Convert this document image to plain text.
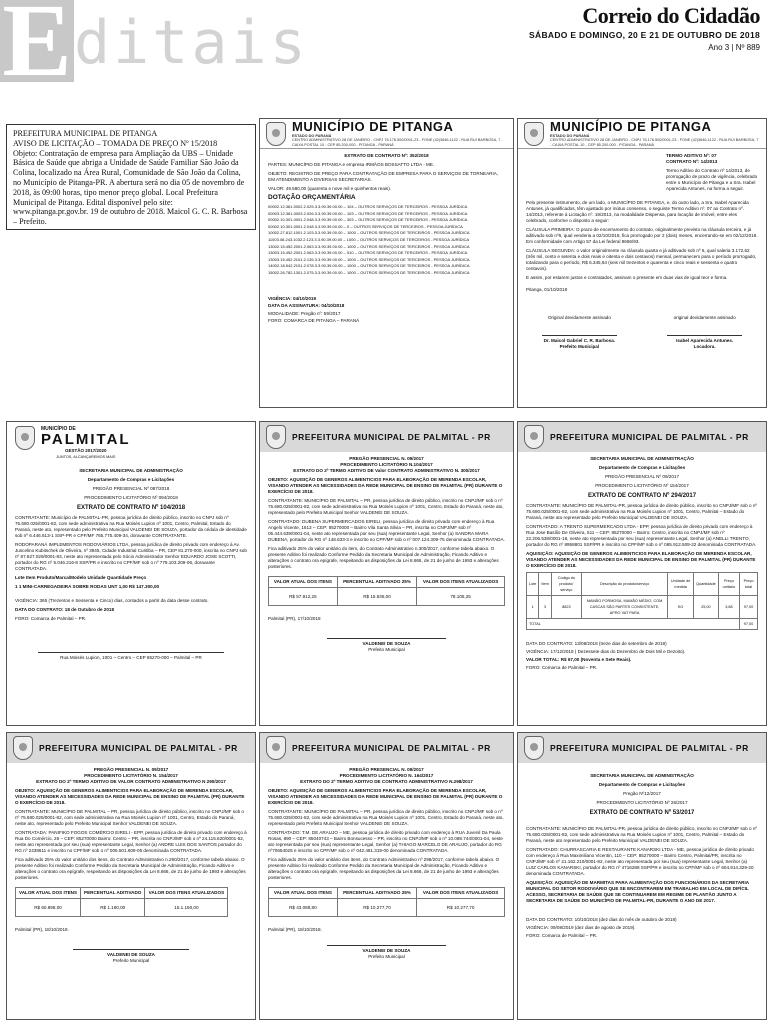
E ditais	Correio do Cidadão
SÁBADO E DOMINGO, 20 E 21 DE OUTUBRO DE 2018
Ano 3 | Nº 889
PREFEITURA MUNICIPAL DE PITANGA
AVISO DE LICITAÇÃO – TOMADA DE PREÇO Nº 15/2018
Objeto: Contratação de empresa para Ampliação da UBS – Unidade Básica de Saúde que abriga a Unidade de Saúde Familiar São João da Colina, localizado na Área Rural, Comunidade de São João da Colina, no Município de Pitanga-PR. A abertura será no dia 05 de novembro de 2018, às 09:00 horas, tipo menor preço global. Local Prefeitura Municipal de Pitanga. Edital disponível pelo site: www.pitanga.pr.gov.br. 19 de outubro de 2018. Maicol G. C. R. Barbosa – Prefeito.
MUNICÍPIO DE PITANGA
ESTADO DO PARANÁ
CENTRO ADMINISTRATIVO 28 DE JANEIRO - CNPJ 76.176.500/0001-23 - FONE (42)3646-1122 - RUA RUI BARBOSA, 7 - CAIXA POSTAL 10 - CEP 85.200-000 - PITANGA - PARANÁ

EXTRATO DE CONTRATO Nº: 352/2018

PARTES: MUNICÍPIO DE PITANGA e empresa IRMÃOS BOSSATTO LTDA - ME.

OBJETO: REGISTRO DE PREÇO PARA CONTRATAÇÃO DE EMPRESA PARA O SERVIÇOS DE TORNEARIA, EM ATENDIMENTO A DIVERSAS SECRETARIAS.

VALOR: 49.580,00 (quarenta e nove mil e quinhentos reais).

DOTAÇÃO ORÇAMENTÁRIA

00002.12.361.0002.2.025.3.3.90.39.00.00 – 104 – OUTROS SERVIÇOS DE TERCEIROS - PESSOA JURÍDICA
00003.12.361.0003.2.026.3.3.90.39.00.00 – 103 – OUTROS SERVIÇOS DE TERCEIROS - PESSOA JURÍDICA
00002.10.301.0001.2.048.3.3.90.39.00.00 – 303 – OUTROS SERVIÇOS DE TERCEIROS - PESSOA JURÍDICA
00002.10.301.0001.2.048.3.3.90.39.00.00 – 0 – OUTROS SERVIÇOS DE TERCEIROS - PESSOA JURÍDICA
10002.27.812.1001.2.103.3.3.90.39.00.00 – 1000 – OUTROS SERVIÇOS DE TERCEIROS - PESSOA JURÍDICA
11003.08.243.1032.2.123.3.3.90.39.00.00 – 1000 – OUTROS SERVIÇOS DE TERCEIROS - PESSOA JURÍDICA
13002.15.452.2001.2.063.3.3.90.39.00.00 – 1000 – OUTROS SERVIÇOS DE TERCEIROS - PESSOA JURÍDICA
13003.15.452.2001.2.063.3.3.90.39.00.00 – 510 – OUTROS SERVIÇOS DE TERCEIROS - PESSOA JURÍDICA
13003.15.452.2101.2.135.3.3.90.39.00.00 – 1000 – OUTROS SERVIÇOS DE TERCEIROS - PESSOA JURÍDICA
14002.18.542.2101.2.078.3.3.90.39.00.00 – 1000 – OUTROS SERVIÇOS DE TERCEIROS - PESSOA JURÍDICA
15002.26.782.1301.2.075.3.3.90.39.00.00 – 1000 – OUTROS SERVIÇOS DE TERCEIROS - PESSOA JURÍDICA
VIGÊNCIA: 04/10/2019
DATA DA ASSINATURA: 04/10/2018
MODALIDADE: Pregão nº: 59/2017
FORO: COMARCA DE PITANGA – PARANÁ
MUNICÍPIO DE PITANGA
ESTADO DO PARANÁ
CENTRO ADMINISTRATIVO 28 DE JANEIRO - CNPJ 76.176.500/0001-23 - FONE (42)3646-1122 - RUA RUI BARBOSA, 7 - CAIXA POSTAL 10 - CEP 85.200-000 - PITANGA - PARANÁ
TERMO ADITIVO Nº: 07

CONTRATO Nº: 14/2013

Termo Aditivo do Contrato nº 14/2013, de prorrogação de prazo de vigência, celebrado entre o Município de Pitanga e a Sra. Isabel Aparecida Antunes, na forma a seguir.

Pelo presente instrumento, de um lado, o MUNICÍPIO DE PITANGA, e, do outro lado, a Sra. Isabel Aparecida Antunes, já qualificados, têm ajustado por mútuo consenso, o seguinte Termo Aditivo nº. 07 ao Contrato nº. 14/2013, referente à Licitação nº. 19/2013, na modalidade Dispensa, para locação de imóvel, entre eles celebrado, conforme o disposto a seguir:

CLÁUSULA PRIMEIRA: O prazo de encerramento do contrato, originalmente previsto na cláusula terceira, e já aditivado sob nº6, qual venderia a 02/10/2018, fica prorrogado por 2 (dois) meses, encerrando-se em 02/12/2018. Em conformidade com Artigo 57 da Lei federal 8666/93.

CLÁUSULA SEGUNDA: o valor originalmente na cláusula quarta e já aditivado sob nº 6, qual valeria 3.172,62 (três mil, cento e setenta e dois reais e oitenta e dois centavos) mensal, permanecem para o período prorrogado, totalizando para o período, R$ 6.345,64 (seis mil trezentos e quarenta e cinco reais e sessenta e quatro centavos).

E assim, por estarem justos e contratados, assinam o presente em duas vias de igual teor e forma.

Pitanga, 01/10/2018

Original devidamente assinado
Dr. Maicol Gabriel C. R. Barbosa.
Prefeito Municipal
original devidamente assinado
Isabel Aparecida Antunes.
Locadora.
MUNICÍPIO DE
PALMITAL
GESTÃO 2017/2020
JUNTOS, ALCANÇAREMOS MAIS

SECRETARIA MUNICIPAL DE ADMINISTRAÇÃO

Departamento de Compras e Licitações

PREGÃO PRESENCIAL Nº 087/2018

PROCEDIMENTO LICITATÓRIO Nº 094/2018

EXTRATO DE CONTRATO Nº 104/2018

CONTRATANTE: Município de PALMITAL-PR, pessoa jurídica de direito público, inscrito no CNPJ sob nº 75.680.025/0001-82, com sede administrativa na Rua Moisés Lupion nº 1001, Centro, Palmital, Estado do Paraná, neste ato, representado pelo Prefeito Municipal VALDENEI DE SOUZA, portador da cédula de identidade sob nº 6.446.613-1 SSP-PR e CPF/MF 765.775.409-34, doravante CONTRATANTE.

RODOPARANÁ IMPLEMENTOS RODOVIÁRIOS LTDA, pessoa jurídica de direito privado com endereço à Av. Juscelino Kubitschek de Oliveira, nº 3945, Cidade Industrial Curitiba – PR, CEP 81.270-000, inscrita no CNPJ sob nº 87.827.029/0001-83, neste ato representada pelo Sócio Administrador Senhor EDUARDO JOSE SCOTTI, portador do RG nº 5.046.216-8 SSP/PR e inscrito no CPF/MF sob o nº 779.103.209-06, doravante CONTRATADA.

Lote Item Produto/Marca/Modelo Unidade Quantidade Preço

1 1 MINI-CARREGADEIRA SOBRE RODAS UNT 1,00 R$ 147.300,00

VIGÊNCIA: 365 (Trezentos e Sessenta e Cinco) dias, contados a partir da data desse contrato.

DATA DO CONTRATO: 18 de Outubro de 2018

FORO: Comarca de Palmital – PR.

Rua Moisés Lupion, 1001 – Centro – CEP 85270-000 – Palmital – PR

PREFEITURA MUNICIPAL DE PALMITAL - PR
PREGÃO PRESENCIAL N. 09/2017
PROCEDIMENTO LICITATÓRIO N.104/2017

EXTRATO DO 2º TERMO ADITIVO DE Valor CONTRATO ADMINISTRATIVO N. 300/2017

OBJETO: AQUISIÇÃO DE GENEROS ALIMENTICIOS PARA ELABORAÇÃO DE MERENDA ESCOLAR, VISANDO ATENDER AS NECESSIDADES DA REDE MUNICIPAL DE ENSINO DE PALMITAL (PR) DURANTE O EXERCÍCIO DE 2018.

CONTRATANTE: MUNICÍPIO DE PALMITAL – PR, pessoa jurídica de direito público, inscrito no CNPJ/MF sob o nº 75.680.025/0001-82, com sede administrativa na Rua Moisés Lupion nº 1001, Centro, Estado do Paraná, neste ato, representado pelo Prefeito Municipal Senhor VALDENEI DE SOUZA.

CONTRATADO: DUBENA SUPERMERCADOS EIRELI, pessoa jurídica de direito privado com endereço à Rua Angelo Vicente, 1613 – CEP: 85270000 – Bairro Vila Santa Silvia – PR, inscrita no CNPJ/MF sob nº 05.444.639/0001-04, neste ato representada por seu (sua) representante Legal, Senhor (a) SANDRA MARA DUBENA, portador do RG nº 148.633-3 e inscrito no CPF/MF sob o nº 007.124.309-75 denominada CONTRATADA.

Fica aditivado 25% do valor unitário do item, do Contrato Administrativo n.300/2017, conforme tabela abaixo. O presente Aditivo foi realizado Conforme Pedido da Secretaria Municipal de Administração, Ficando Aditivo e alterações o contrato ora epígrafe, respeitando as disposições da Lei 8.666, de 21 de junho de 1993 e alterações posteriores.

VALOR ATUAL DOS ITENS	PERCENTUAL ADITIVADO 25%	VALOR DOS ITENS ATUALIZADOS
R$ 57.912,25	R$ 15.636,00	78.105,25

Palmital (PR), 17/10/2018

VALDENEI DE SOUZA
Prefeito Municipal
PREFEITURA MUNICIPAL DE PALMITAL - PR

SECRETARIA MUNICIPAL DE ADMINISTRAÇÃO

Departamento de Compras e Licitações

PREGÃO PRESENCIAL Nº 09/2017

PROCEDIMENTO LICITATÓRIO Nº 154/2017

EXTRATO DE CONTRATO Nº 294/2017

CONTRATANTE: MUNICÍPIO DE PALMITAL-PR, pessoa jurídica de direito público, inscrito no CNPJ/MF sob o nº 75.680.025/0001-82, com sede administrativa na Rua Moisés Lupion nº 1001, Centro, Palmital – Estado do Paraná, neste ato representado pelo Prefeito Municipal VALDENEI DE SOUZA.

CONTRATADO: A TRENTO SUPERMERCADO LTDA - EPP, pessoa jurídica de direito privado com endereço à Rua Jose Basílio De Oliveira, 511 – CEP: 85270000 – Bairro: Centro, inscrita no CNPJ/MF sob nº 22.206.538/0001-18, neste ato representada por seu (sua) representante Legal, Senhor (a) ANELLI TRENTO, portador do RG nº 8958801 SSP/PR e inscrito no CPF/MF sob o nº 065.912.509-22 denominada CONTRATADA.

AQUISIÇÃO: AQUISIÇÃO DE GENEROS ALIMENTICIOS PARA ELABORAÇÃO DE MERENDA ESCOLAR, VISANDO ATENDER AS NECESSIDADES DA REDE MUNICIPAL DE ENSINO DE PALMITAL (PR) DURANTE O EXERCÍCIO DE 2018.

Lote	Item	Código do produto/ serviço	Descrição do produto/serviço	Unidade de medida	Quantidade	Preço unitário	Preço total
1	3	8823	MAMÃO FORMOSA. MAMÃO MÉDIO, COM CASCAS SÃO PARTES CONSISTENTE, APRO VAT PARA	KG	25,00	3,88	97,00
TOTAL							97,00
DATA DO CONTRATO: 13/08/2018 (treze dias de setembro de 2018)
VIGÊNCIA: 17/12/2018 ( Dezessete dias do Dezembro de Dois Mil e Dezoito).
VALOR TOTAL: R$ 67,00 (Noventa e Sete Reais).
FORO: Comarca de Palmital – PR.
PREFEITURA MUNICIPAL DE PALMITAL - PR
PREGÃO PRESENCIAL N. 09/2017
PROCEDIMENTO LICITATÓRIO N. 154/2017

EXTRATO DO 2º TERMO ADITIVO DE VALOR CONTRATO ADMINISTRATIVO N 290/2017

OBJETO: AQUISIÇÃO DE GENEROS ALIMENTICIOS PARA ELABORAÇÃO DE MERENDA ESCOLAR, VISANDO ATENDER AS NECESSIDADES DA REDE MUNICIPAL DE ENSINO DE PALMITAL (PR) DURANTE O EXERCÍCIO DE 2018.

CONTRATANTE: MUNICÍPIO DE PALMITAL – PR, pessoa jurídica de direito público, inscrito no CNPJ/MF sob o nº 75.680.025/0001-82, com sede administrativa na Rua Moisés Lupion nº 1001, Centro, Estado do Paraná, neste ato, representado pelo Prefeito Municipal Senhor VALDENEI DE SOUZA.

CONTRATADA: PANIFIKO FOGOS COMÉRCIO EIRELI - EPP, pessoa jurídica de direito privado com endereço à Rua Do Comércio, 26 – CEP: 85270000 Bairro: Centro – PR, inscrita no CNPJ/MF sob o nº 24.115.620/0001-52, neste ato representada por seu (sua) representante Legal, Senhor (a) ANDRE LUIS DOS SANTOS portador do RG nº 2438611 e inscrito no CPF/MF sob o nº 005.501.609-05 denominada CONTRATADA.

Fica aditivado 25% do valor unitário dos itens, do Contrato Administrativo n.290/2017, conforme tabela abaixo. O presente Aditivo foi realizado Conforme Pedido da Secretaria Municipal de Administração, Ficando Aditivo e alterações o contrato ora epígrafe, respeitando as disposições da Lei 8.666, de 21 de junho de 1993 e alterações posteriores.

VALOR ATUAL DOS ITENS	PERCENTUAL ADITIVADO	VALOR DOS ITENS ATUALIZADOS
R$ 60.898,00	R$ 1.160,00	15.1.160,00

Palmital (PR), 18/10/2018.

VALDENEI DE SOUZA
Prefeito Municipal
PREFEITURA MUNICIPAL DE PALMITAL - PR
PREGÃO PRESENCIAL N. 09/2017
PROCEDIMENTO LICITATÓRIO N. 164/2017

EXTRATO DO 2º TERMO ADITIVO DE CONTRATO ADMINISTRATIVO N.298/2017

OBJETO: AQUISIÇÃO DE GENEROS ALIMENTICIOS PARA ELABORAÇÃO DE MERENDA ESCOLAR, VISANDO ATENDER AS NECESSIDADES DA REDE MUNICIPAL DE ENSINO DE PALMITAL (PR) DURANTE O EXERCÍCIO DE 2018.

CONTRATANTE: MUNICÍPIO DE PALMITAL – PR, pessoa jurídica de direito público, inscrito no CNPJ/MF sob o nº 75.680.025/0001-82, com sede administrativa na Rua Moisés Lupion nº 1001, Centro, Estado do Paraná, neste ato, representado pelo Prefeito Municipal Senhor VALDENEI DE SOUZA.

CONTRATADO: T.M. DE ARAUJO – ME, pessoa jurídica de direito privado com endereço à RUA Juvenil Da Paula Rosas, 890 – CEP: 85040743 – Bairro Bonsucesso – PR, inscrito no CNPJ/MF sob o nº 10.088.744/0001-04, neste ato representada por seu (sua) representante Legal, Senhor (a) THIAGO MARCELO DE ARAUJO, portador do RG nº70654025 e inscrito no CPF/MF sob o nº 042.481.319-00 denominada CONTRATADA.

Fica aditivado 25% do valor unitário dos itens, do Contrato Administrativo nº 298/2017, conforme tabela abaixo. O presente Aditivo foi realizado Conforme Pedido da Secretaria Municipal de Administração, Ficando Aditivo e alterações o contrato ora epígrafe, respeitando as disposições da Lei 8.666, de 21 de junho de 1993 e alterações posteriores.

VALOR ATUAL DOS ITENS	PERCENTUAL ADITIVADO 25%	VALOR DOS ITENS ATUALIZADOS
R$ 43.088,80	R$ 10.277,70	R$ 10.277,70

Palmital (PR), 18/10/2018.

VALDENEI DE SOUZA
Prefeito Municipal
PREFEITURA MUNICIPAL DE PALMITAL - PR

SECRETARIA MUNICIPAL DE ADMINISTRAÇÃO

Departamento de Compras e Licitações

Pregão Nº12/2017

PROCEDIMENTO LICITATÓRIO Nº 26/2017

EXTRATO DE CONTRATO Nº 53/2017

CONTRATANTE: MUNICÍPIO DE PALMITAL-PR, pessoa jurídica de direito público, inscrito no CNPJ/MF sob o nº 75.680.025/0001-82, com sede administrativa na Rua Moisés Lupion nº 1001, Centro, Palmital – Estado do Paraná, neste ato representado pelo Prefeito Municipal VALDENEI DE SOUZA.

CONTRATADO: CHURRASCARIA E RESTAURANTE KANARSKI LTDA - ME, pessoa jurídica de direito privado com endereço à Rua Maximiliano Vicentin, 110 – CEP: 85270000 – Bairro Centro, Palmital/PR, inscrita no CNPJ/MF sob nº 21.162.210/0001-82, neste ato representada por seu (sua) representante Legal, Senhor (a) LUIZ CARLOS KANARSKI, portador do RG nº 4716288 SSP/PR e inscrito no CPF/MF sob o nº 604.914.329-20 denominada CONTRATADA.

AQUISIÇÃO: AQUISIÇÃO DE MARMITAS PARA ALIMENTAÇÃO DOS FUNCIONÁRIOS DA SECRETARIA MUNICIPAL DO SETOR RODOVIÁRIO QUE SE ENCONTRAREM EM TRABALHO EM LOCAL DE DIFÍCIL ACESSO, SECRETARIA DE SAÚDE QUE SE CONTINUAREM EM REGIME DE PLANTÃO JUNTO A SECRETARIA DE SAÚDE DO MUNICÍPIO DE PALMITAL-PR, DURANTE O ANO DE 2017.

DATA DO CONTRATO: 10/10/2018 (dez dias do mês de outubro de 2018)
VIGÊNCIA: 09/08/2019 (dez dias de agosto de 2019).
FORO: Comarca de Palmital – PR.
